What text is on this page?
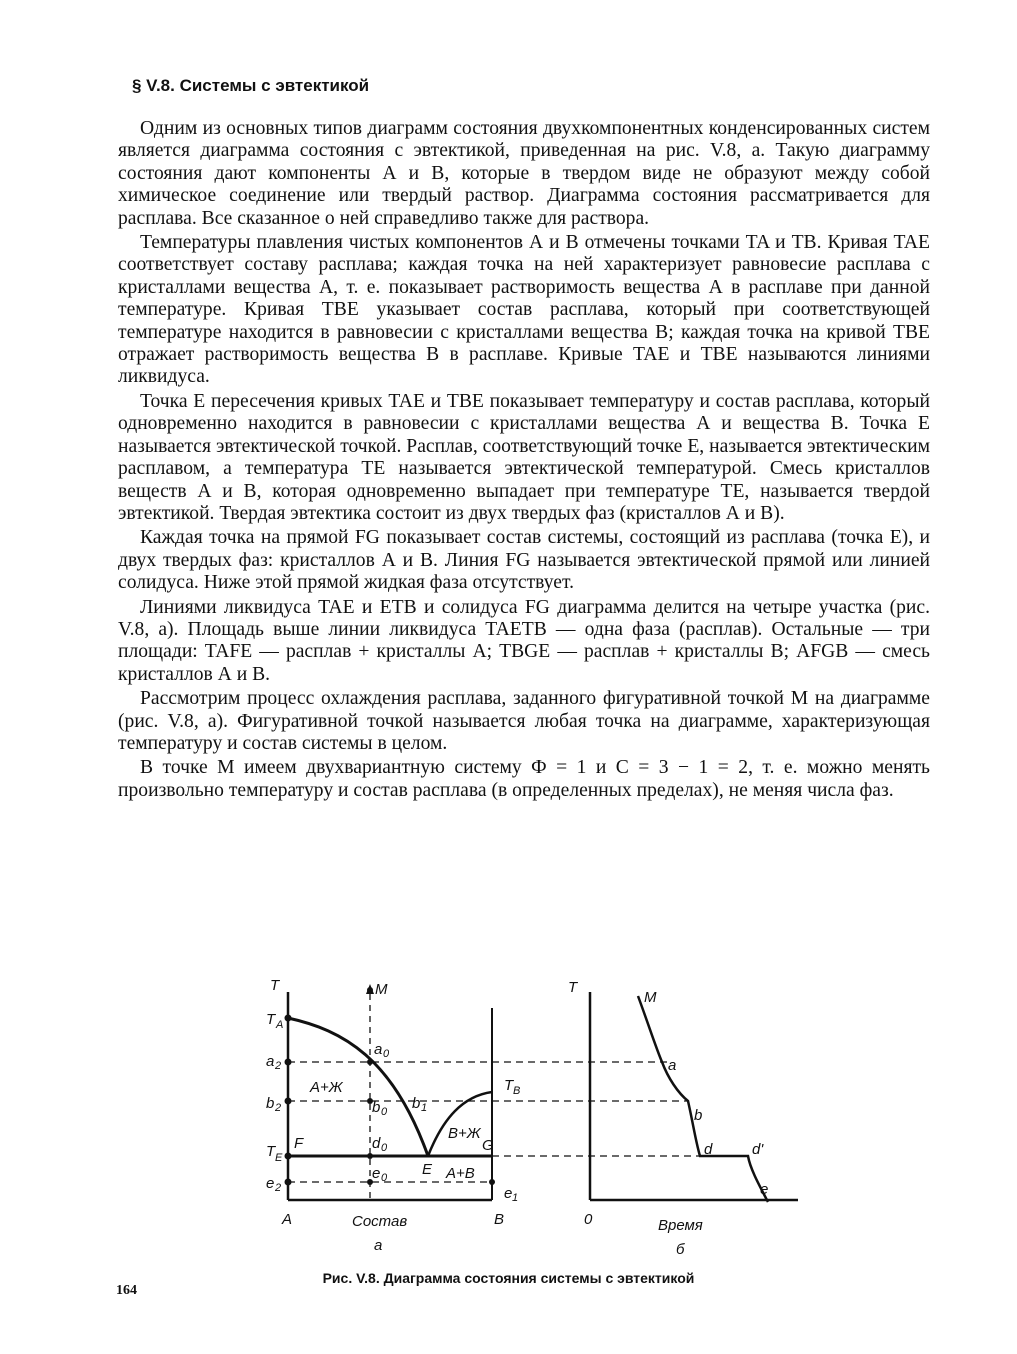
§ V.8. Системы с эвтектикой

Одним из основных типов диаграмм состояния двухкомпонентных конденсированных систем является диаграмма состояния с эвтектикой, приведенная на рис. V.8, а. Такую диаграмму состояния дают компоненты А и В, которые в твердом виде не образуют между собой химическое соединение или твердый раствор. Диаграмма состояния рассматривается для расплава. Все сказанное о ней справедливо также для раствора.

Температуры плавления чистых компонентов А и В отмечены точками TA и TB. Кривая TAE соответствует составу расплава; каждая точка на ней характеризует равновесие расплава с кристаллами вещества А, т. е. показывает растворимость вещества А в расплаве при данной температуре. Кривая TBE указывает состав расплава, который при соответствующей температуре находится в равновесии с кристаллами вещества В; каждая точка на кривой TBE отражает растворимость вещества В в расплаве. Кривые TAE и TBE называются линиями ликвидуса.

Точка E пересечения кривых TAE и TBE показывает температуру и состав расплава, который одновременно находится в равновесии с кристаллами вещества А и вещества В. Точка E называется эвтектической точкой. Расплав, соответствующий точке E, называется эвтектическим расплавом, а температура TE называется эвтектической температурой. Смесь кристаллов веществ А и В, которая одновременно выпадает при температуре TE, называется твердой эвтектикой. Твердая эвтектика состоит из двух твердых фаз (кристаллов А и В).

Каждая точка на прямой FG показывает состав системы, состоящий из расплава (точка E), и двух твердых фаз: кристаллов А и В. Линия FG называется эвтектической прямой или линией солидуса. Ниже этой прямой жидкая фаза отсутствует.

Линиями ликвидуса TAE и ETB и солидуса FG диаграмма делится на четыре участка (рис. V.8, а). Площадь выше линии ликвидуса TAETB — одна фаза (расплав). Остальные — три площади: TAFE — расплав + кристаллы А; TBGE — расплав + кристаллы В; AFGB — смесь кристаллов А и В.

Рассмотрим процесс охлаждения расплава, заданного фигуративной точкой M на диаграмме (рис. V.8, а). Фигуративной точкой называется любая точка на диаграмме, характеризующая температуру и состав системы в целом.

В точке M имеем двухвариантную систему Ф = 1 и С = 3 − 1 = 2, т. е. можно менять произвольно температуру и состав расплава (в определенных пределах), не меняя числа фаз.

T
T A
a 2
b 2
T E
e 2
M
a 0
b 0 b 1
d 0
e 0
e 1
T B
F	G
E
A+Ж
B+Ж
A+B
A	B
Состав
а
T
0
M
a
b
d	d'
e
Время
б
Рис. V.8. Диаграмма состояния системы с эвтектикой
164
